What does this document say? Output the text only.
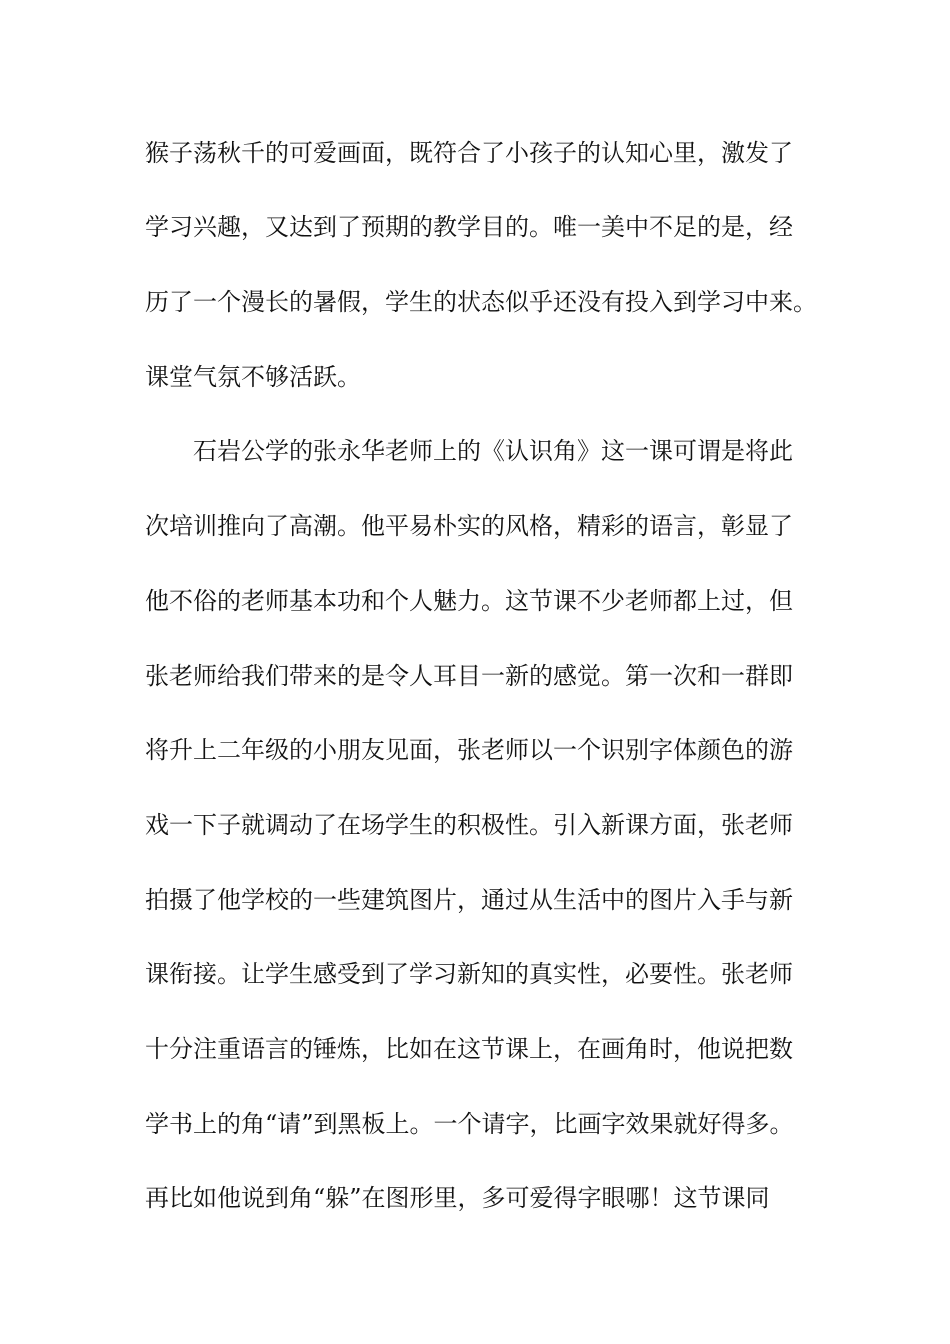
猴子荡秋千的可爱画面，既符合了小孩子的认知心里，激发了
学习兴趣，又达到了预期的教学目的。唯一美中不足的是，经
历了一个漫长的暑假，学生的状态似乎还没有投入到学习中来。
课堂气氛不够活跃。
石岩公学的张永华老师上的《认识角》这一课可谓是将此
次培训推向了高潮。他平易朴实的风格，精彩的语言，彰显了
他不俗的老师基本功和个人魅力。这节课不少老师都上过，但
张老师给我们带来的是令人耳目一新的感觉。第一次和一群即
将升上二年级的小朋友见面，张老师以一个识别字体颜色的游
戏一下子就调动了在场学生的积极性。引入新课方面，张老师
拍摄了他学校的一些建筑图片，通过从生活中的图片入手与新
课衔接。让学生感受到了学习新知的真实性，必要性。张老师
十分注重语言的锤炼，比如在这节课上，在画角时，他说把数
学书上的角“请”到黑板上。一个请字，比画字效果就好得多。
再比如他说到角“躲”在图形里，多可爱得字眼哪！这节课同
